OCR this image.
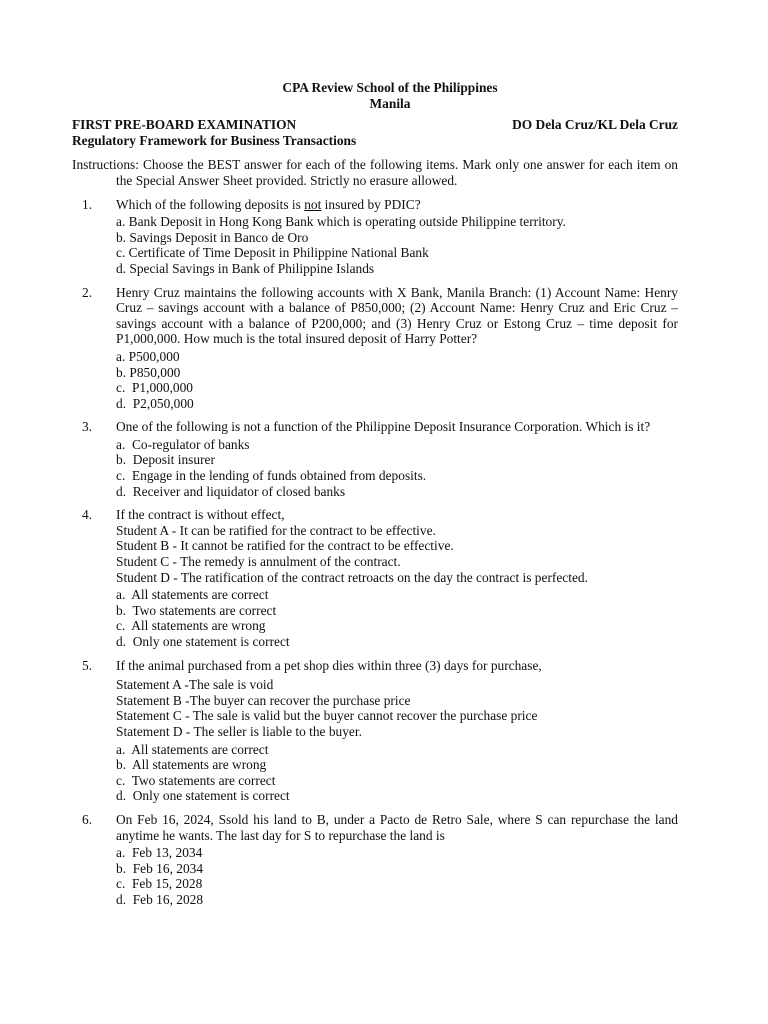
CPA Review School of the Philippines
Manila
FIRST PRE-BOARD EXAMINATION	DO Dela Cruz/KL Dela Cruz
Regulatory Framework for Business Transactions
Instructions: Choose the BEST answer for each of the following items. Mark only one answer for each item on the Special Answer Sheet provided. Strictly no erasure allowed.
1. Which of the following deposits is not insured by PDIC?
a. Bank Deposit in Hong Kong Bank which is operating outside Philippine territory.
b. Savings Deposit in Banco de Oro
c. Certificate of Time Deposit in Philippine National Bank
d. Special Savings in Bank of Philippine Islands
2. Henry Cruz maintains the following accounts with X Bank, Manila Branch: (1) Account Name: Henry Cruz – savings account with a balance of P850,000; (2) Account Name: Henry Cruz and Eric Cruz – savings account with a balance of P200,000; and (3) Henry Cruz or Estong Cruz – time deposit for P1,000,000. How much is the total insured deposit of Harry Potter?
a. P500,000
b. P850,000
c.  P1,000,000
d.  P2,050,000
3. One of the following is not a function of the Philippine Deposit Insurance Corporation. Which is it?
a.  Co-regulator of banks
b.  Deposit insurer
c.  Engage in the lending of funds obtained from deposits.
d.  Receiver and liquidator of closed banks
4. If the contract is without effect,
Student A - It can be ratified for the contract to be effective.
Student B - It cannot be ratified for the contract to be effective.
Student C - The remedy is annulment of the contract.
Student D - The ratification of the contract retroacts on the day the contract is perfected.
a.  All statements are correct
b.  Two statements are correct
c.  All statements are wrong
d.  Only one statement is correct
5. If the animal purchased from a pet shop dies within three (3) days for purchase,
Statement A -The sale is void
Statement B -The buyer can recover the purchase price
Statement C - The sale is valid but the buyer cannot recover the purchase price
Statement D - The seller is liable to the buyer.
a.  All statements are correct
b.  All statements are wrong
c.  Two statements are correct
d.  Only one statement is correct
6. On Feb 16, 2024, Ssold his land to B, under a Pacto de Retro Sale, where S can repurchase the land anytime he wants. The last day for S to repurchase the land is
a.  Feb 13, 2034
b.  Feb 16, 2034
c.  Feb 15, 2028
d.  Feb 16, 2028
